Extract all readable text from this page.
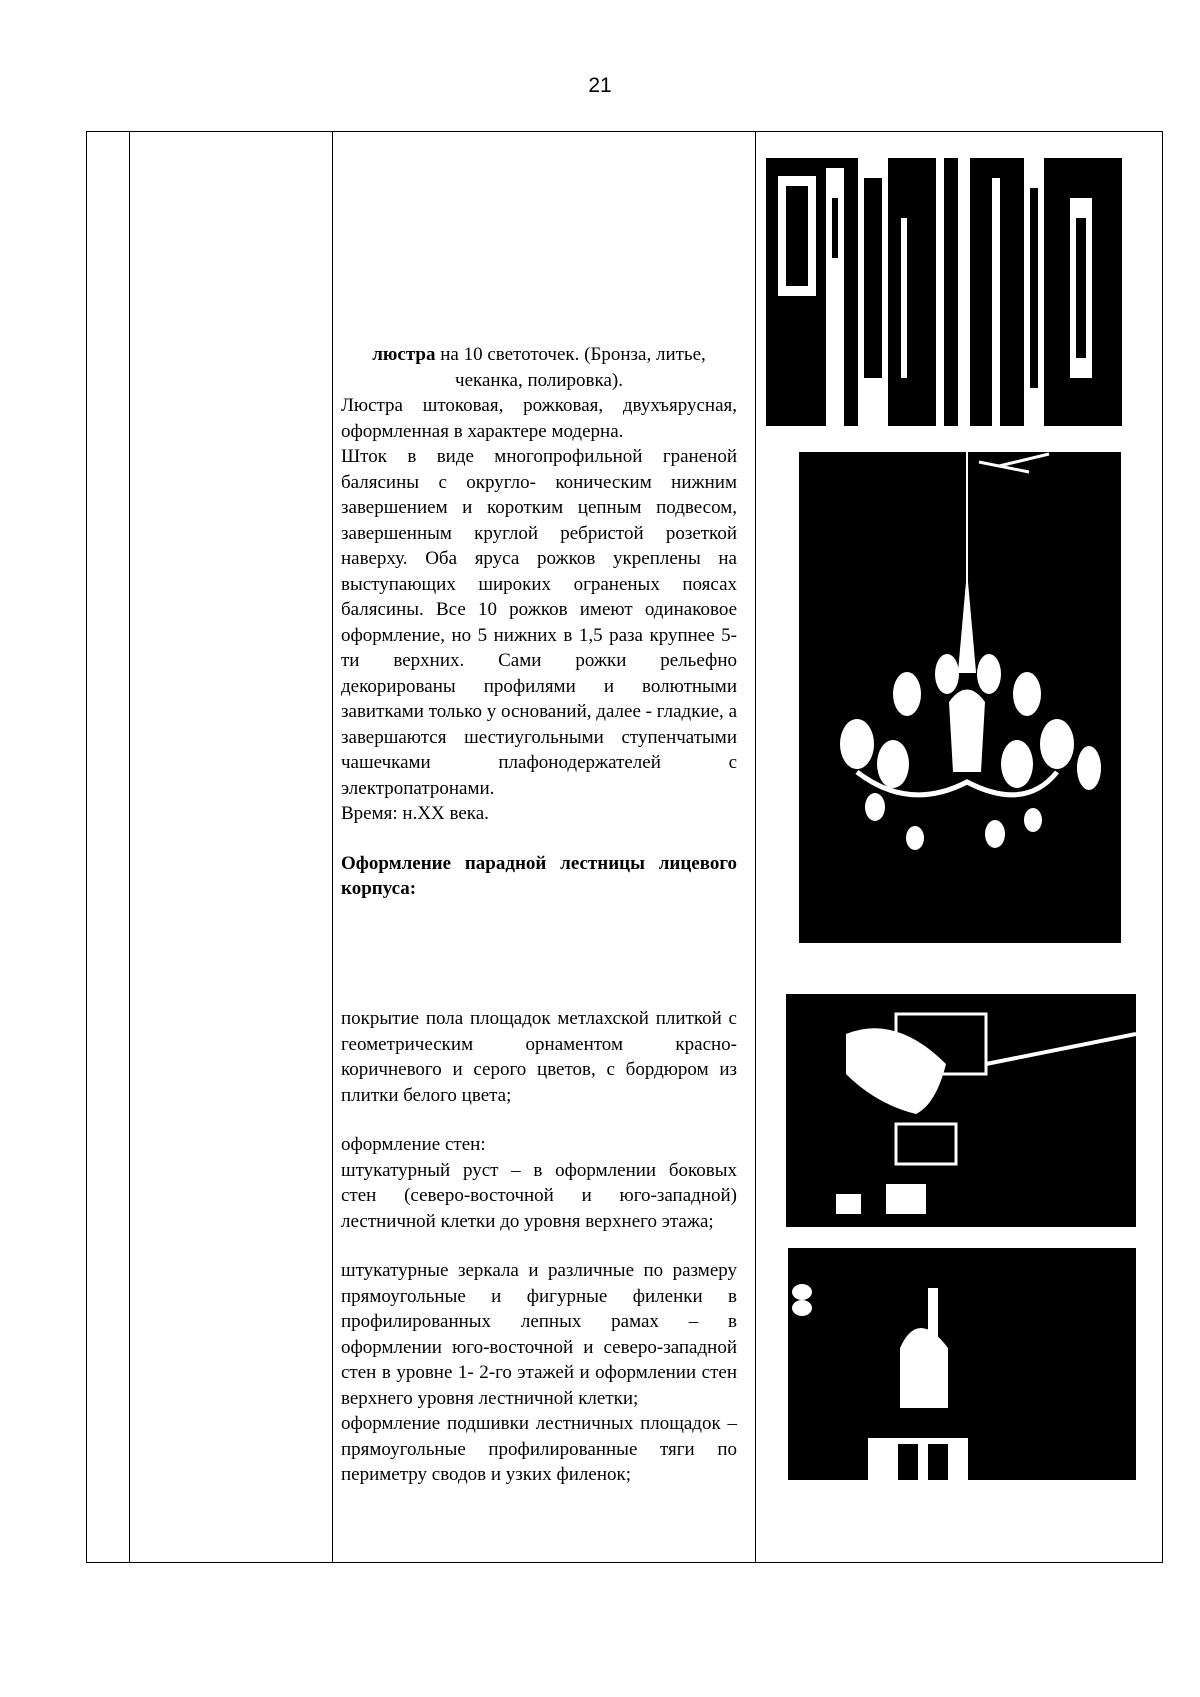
21

люстра на 10 светоточек. (Бронза, литье,

чеканка, полировка).

Люстра штоковая, рожковая, двухъярусная, оформленная в характере модерна.

Шток в виде многопрофильной граненой балясины с округло- коническим нижним завершением и коротким цепным подвесом, завершенным круглой ребристой розеткой наверху. Оба яруса рожков укреплены на выступающих широких ограненых поясах балясины. Все 10 рожков имеют одинаковое оформление, но 5 нижних в 1,5 раза крупнее 5-ти верхних. Сами рожки рельефно декорированы профилями и волютными завитками только у оснований, далее - гладкие, а завершаются шестиугольными ступенчатыми чашечками плафонодержателей с электропатронами.

Время: н.XX века.

Оформление парадной лестницы лицевого корпуса:

покрытие пола площадок метлахской плиткой с геометрическим орнаментом красно-коричневого и серого цветов, с бордюром из плитки белого цвета;

оформление стен:

штукатурный руст – в оформлении боковых стен (северо-восточной и юго-западной) лестничной клетки до уровня верхнего этажа;

штукатурные зеркала и различные по размеру прямоугольные и фигурные филенки в профилированных лепных рамах – в оформлении юго-восточной и северо-западной стен в уровне 1- 2-го этажей и оформлении стен верхнего уровня лестничной клетки;

оформление подшивки лестничных площадок – прямоугольные профилированные тяги по периметру сводов и узких филенок;
